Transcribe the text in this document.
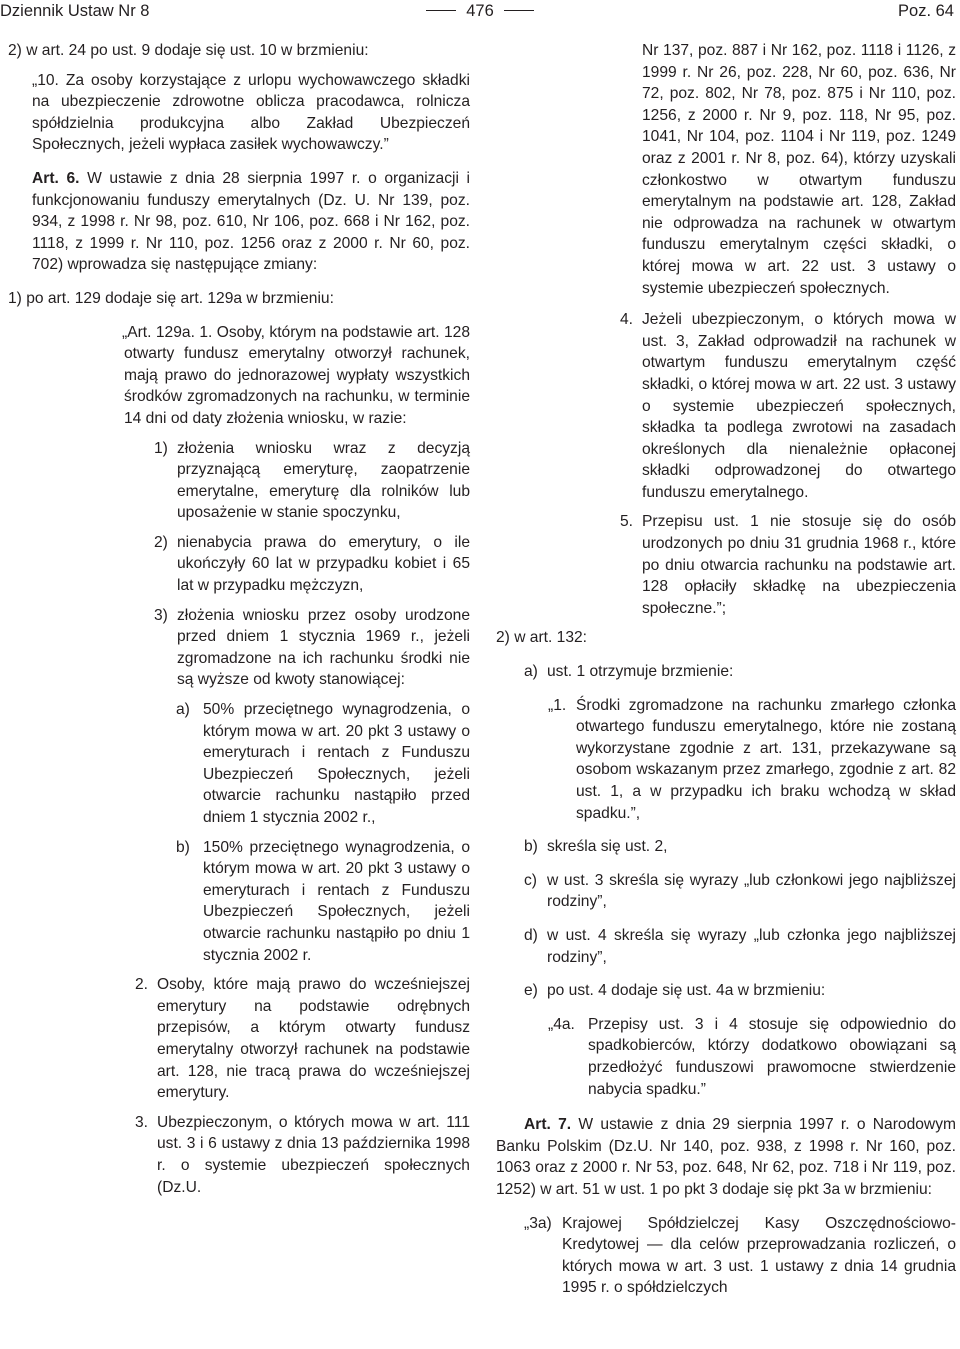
Dziennik Ustaw Nr 8	476	Poz. 64

2) w art. 24 po ust. 9 dodaje się ust. 10 w brzmieniu:

„10. Za osoby korzystające z urlopu wychowawczego składki na ubezpieczenie zdrowotne oblicza pracodawca, rolnicza spółdzielnia produkcyjna albo Zakład Ubezpieczeń Społecznych, jeżeli wypłaca zasiłek wychowawczy.”

Art. 6. W ustawie z dnia 28 sierpnia 1997 r. o organizacji i funkcjonowaniu funduszy emerytalnych (Dz. U. Nr 139, poz. 934, z 1998 r. Nr 98, poz. 610, Nr 106, poz. 668 i Nr 162, poz. 1118, z 1999 r. Nr 110, poz. 1256 oraz z 2000 r. Nr 60, poz. 702) wprowadza się następujące zmiany:

1) po art. 129 dodaje się art. 129a w brzmieniu:

„Art. 129a. 1. Osoby, którym na podstawie art. 128 otwarty fundusz emerytalny otworzył rachunek, mają prawo do jednorazowej wypłaty wszystkich środków zgromadzonych na rachunku, w terminie 14 dni od daty złożenia wniosku, w razie:

1) złożenia wniosku wraz z decyzją przyznającą emeryturę, zaopatrzenie emerytalne, emeryturę dla rolników lub uposażenie w stanie spoczynku,
2) nienabycia prawa do emerytury, o ile ukończyły 60 lat w przypadku kobiet i 65 lat w przypadku mężczyzn,
3) złożenia wniosku przez osoby urodzone przed dniem 1 stycznia 1969 r., jeżeli zgromadzone na ich rachunku środki nie są wyższe od kwoty stanowiącej:
a) 50% przeciętnego wynagrodzenia, o którym mowa w art. 20 pkt 3 ustawy o emeryturach i rentach z Funduszu Ubezpieczeń Społecznych, jeżeli otwarcie rachunku nastąpiło przed dniem 1 stycznia 2002 r.,
b) 150% przeciętnego wynagrodzenia, o którym mowa w art. 20 pkt 3 ustawy o emeryturach i rentach z Funduszu Ubezpieczeń Społecznych, jeżeli otwarcie rachunku nastąpiło po dniu 1 stycznia 2002 r.
2. Osoby, które mają prawo do wcześniejszej emerytury na podstawie odrębnych przepisów, a którym otwarty fundusz emerytalny otworzył rachunek na podstawie art. 128, nie tracą prawa do wcześniejszej emerytury.
3. Ubezpieczonym, o których mowa w art. 111 ust. 3 i 6 ustawy z dnia 13 października 1998 r. o systemie ubezpieczeń społecznych (Dz.U.

Nr 137, poz. 887 i Nr 162, poz. 1118 i 1126, z 1999 r. Nr 26, poz. 228, Nr 60, poz. 636, Nr 72, poz. 802, Nr 78, poz. 875 i Nr 110, poz. 1256, z 2000 r. Nr 9, poz. 118, Nr 95, poz. 1041, Nr 104, poz. 1104 i Nr 119, poz. 1249 oraz z 2001 r. Nr 8, poz. 64), którzy uzyskali członkostwo w otwartym funduszu emerytalnym na podstawie art. 128, Zakład nie odprowadza na rachunek w otwartym funduszu emerytalnym części składki, o której mowa w art. 22 ust. 3 ustawy o systemie ubezpieczeń społecznych.

4. Jeżeli ubezpieczonym, o których mowa w ust. 3, Zakład odprowadził na rachunek w otwartym funduszu emerytalnym część składki, o której mowa w art. 22 ust. 3 ustawy o systemie ubezpieczeń społecznych, składka ta podlega zwrotowi na zasadach określonych dla nienależnie opłaconej składki odprowadzonej do otwartego funduszu emerytalnego.
5. Przepisu ust. 1 nie stosuje się do osób urodzonych po dniu 31 grudnia 1968 r., które po dniu otwarcia rachunku na podstawie art. 128 opłaciły składkę na ubezpieczenia społeczne.”;

2) w art. 132:

a) ust. 1 otrzymuje brzmienie:
„1. Środki zgromadzone na rachunku zmarłego członka otwartego funduszu emerytalnego, które nie zostaną wykorzystane zgodnie z art. 131, przekazywane są osobom wskazanym przez zmarłego, zgodnie z art. 82 ust. 1, a w przypadku ich braku wchodzą w skład spadku.”,
b) skreśla się ust. 2,
c) w ust. 3 skreśla się wyrazy „lub członkowi jego najbliższej rodziny”,
d) w ust. 4 skreśla się wyrazy „lub członka jego najbliższej rodziny”,
e) po ust. 4 dodaje się ust. 4a w brzmieniu:
„4a. Przepisy ust. 3 i 4 stosuje się odpowiednio do spadkobierców, którzy dodatkowo obowiązani są przedłożyć funduszowi prawomocne stwierdzenie nabycia spadku.”

Art. 7. W ustawie z dnia 29 sierpnia 1997 r. o Narodowym Banku Polskim (Dz.U. Nr 140, poz. 938, z 1998 r. Nr 160, poz. 1063 oraz z 2000 r. Nr 53, poz. 648, Nr 62, poz. 718 i Nr 119, poz. 1252) w art. 51 w ust. 1 po pkt 3 dodaje się pkt 3a w brzmieniu:

„3a) Krajowej Spółdzielczej Kasy Oszczędnościowo-Kredytowej — dla celów przeprowadzania rozliczeń, o których mowa w art. 3 ust. 1 ustawy z dnia 14 grudnia 1995 r. o spółdzielczych
